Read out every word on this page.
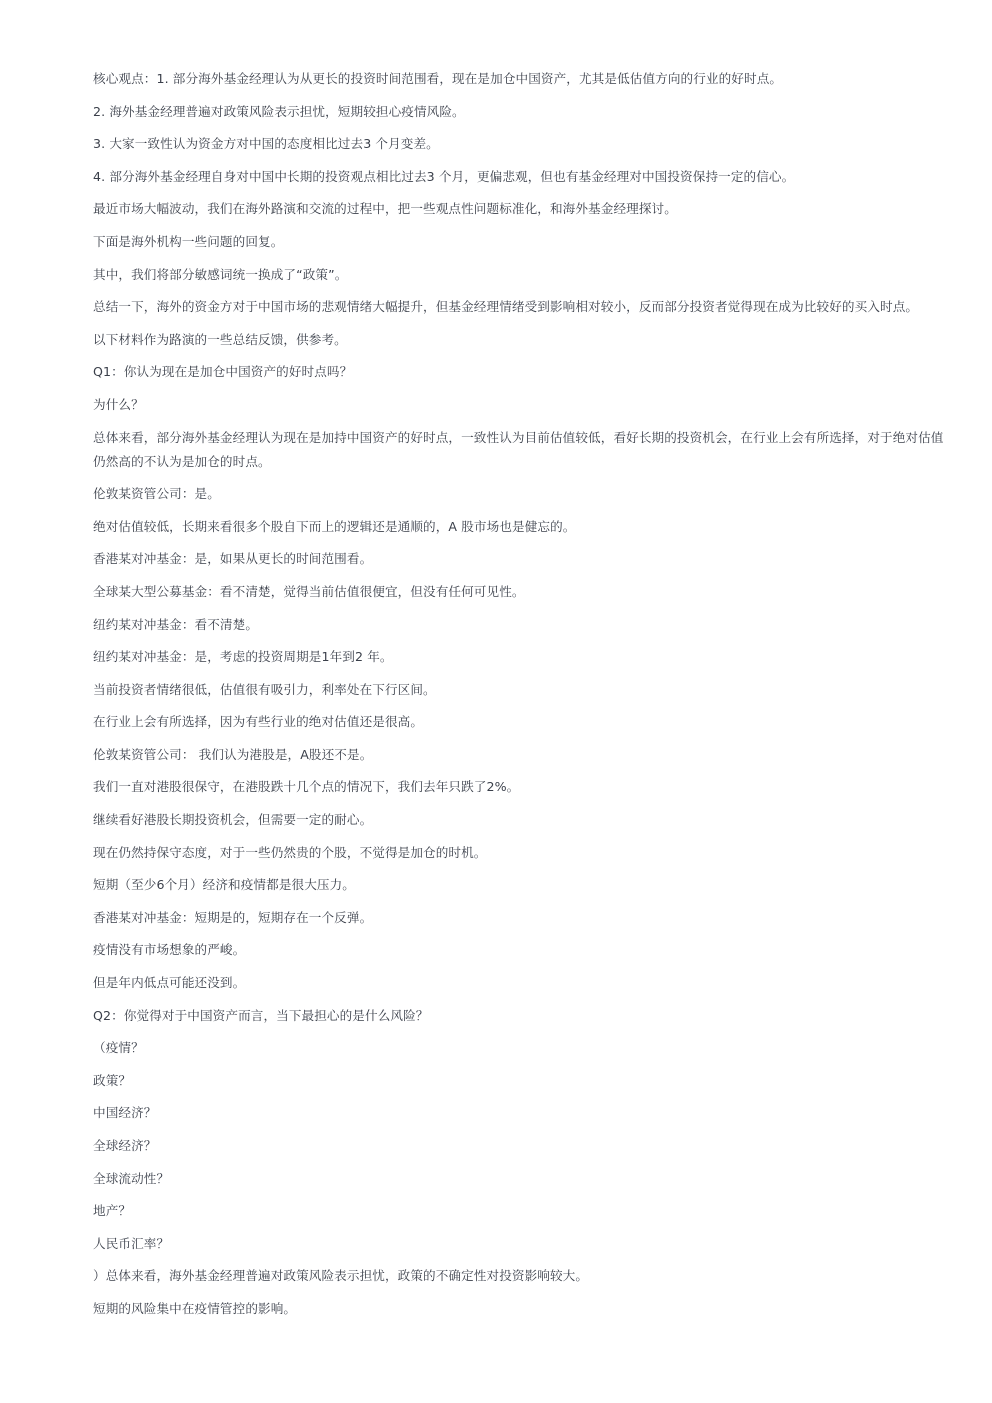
核心观点：1. 部分海外基金经理认为从更长的投资时间范围看，现在是加仓中国资产，尤其是低估值方向的行业的好时点。

2. 海外基金经理普遍对政策风险表示担忧，短期较担心疫情风险。

3. 大家一致性认为资金方对中国的态度相比过去3 个月变差。

4. 部分海外基金经理自身对中国中长期的投资观点相比过去3 个月，更偏悲观，但也有基金经理对中国投资保持一定的信心。

最近市场大幅波动，我们在海外路演和交流的过程中，把一些观点性问题标准化，和海外基金经理探讨。

下面是海外机构一些问题的回复。

其中，我们将部分敏感词统一换成了“政策”。

总结一下，海外的资金方对于中国市场的悲观情绪大幅提升，但基金经理情绪受到影响相对较小，反而部分投资者觉得现在成为比较好的买入时点。

以下材料作为路演的一些总结反馈，供参考。

Q1：你认为现在是加仓中国资产的好时点吗？

为什么？

总体来看，部分海外基金经理认为现在是加持中国资产的好时点，一致性认为目前估值较低，看好长期的投资机会，在行业上会有所选择，对于绝对估值仍然高的不认为是加仓的时点。

伦敦某资管公司：是。

绝对估值较低，长期来看很多个股自下而上的逻辑还是通顺的，A 股市场也是健忘的。

香港某对冲基金：是，如果从更长的时间范围看。

全球某大型公募基金：看不清楚，觉得当前估值很便宜，但没有任何可见性。

纽约某对冲基金：看不清楚。

纽约某对冲基金：是，考虑的投资周期是1年到2 年。

当前投资者情绪很低，估值很有吸引力，利率处在下行区间。

在行业上会有所选择，因为有些行业的绝对估值还是很高。

伦敦某资管公司： 我们认为港股是，A股还不是。

我们一直对港股很保守，在港股跌十几个点的情况下，我们去年只跌了2%。

继续看好港股长期投资机会，但需要一定的耐心。

现在仍然持保守态度，对于一些仍然贵的个股，不觉得是加仓的时机。

短期（至少6个月）经济和疫情都是很大压力。

香港某对冲基金：短期是的，短期存在一个反弹。

疫情没有市场想象的严峻。

但是年内低点可能还没到。

Q2：你觉得对于中国资产而言，当下最担心的是什么风险？

（疫情？

政策？

中国经济？

全球经济？

全球流动性？

地产？

人民币汇率？

）总体来看，海外基金经理普遍对政策风险表示担忧，政策的不确定性对投资影响较大。

短期的风险集中在疫情管控的影响。
